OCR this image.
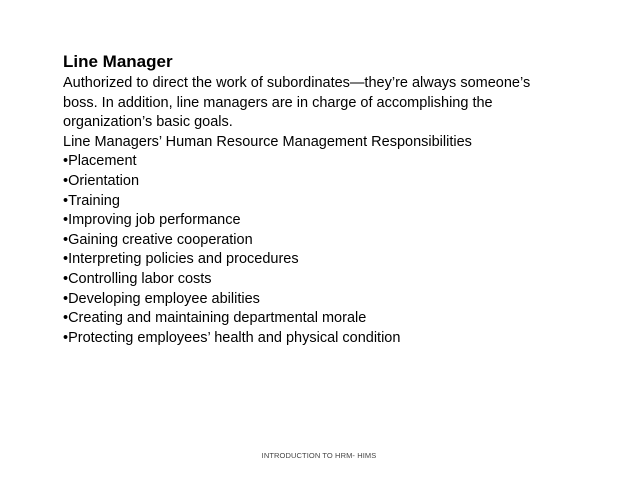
Line Manager

Authorized to direct the work of subordinates—they’re always someone’s boss. In addition, line managers are in charge of accomplishing the organization’s basic goals.

Line Managers’ Human Resource Management Responsibilities

•Placement
•Orientation
•Training
•Improving job performance
•Gaining creative cooperation
•Interpreting policies and procedures
•Controlling labor costs
•Developing employee abilities
•Creating and maintaining departmental morale
•Protecting employees’ health and physical condition
INTRODUCTION TO HRM- HIMS
